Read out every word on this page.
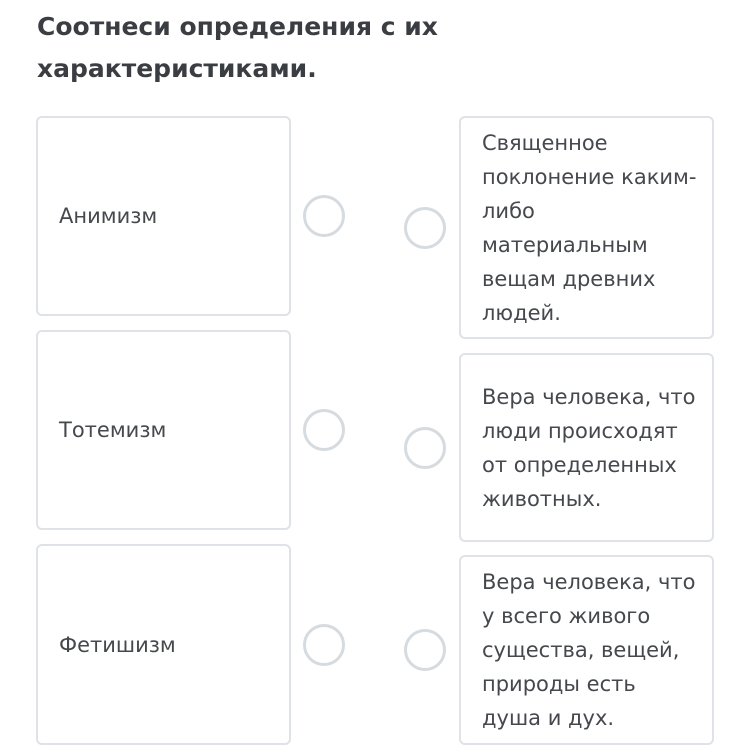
Соотнеси определения с их характеристиками.
Анимизм
Тотемизм
Фетишизм
Священное поклонение каким-либо материальным вещам древних людей.
Вера человека, что люди происходят от определенных животных.
Вера человека, что у всего живого существа, вещей, природы есть душа и дух.
